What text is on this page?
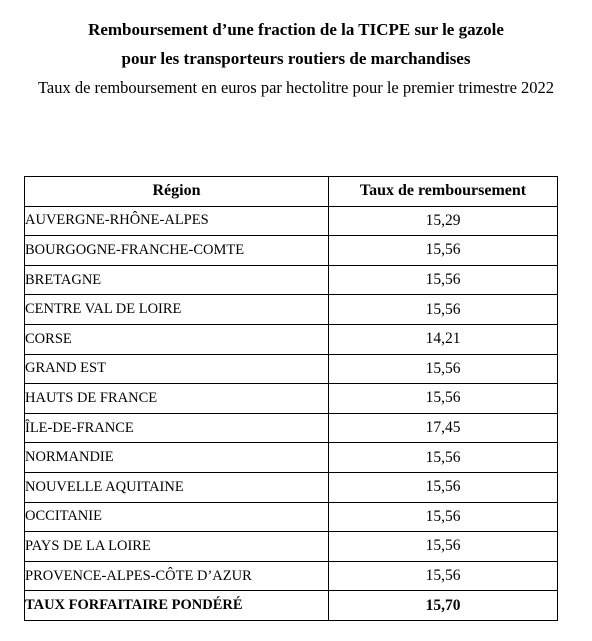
Remboursement d’une fraction de la TICPE sur le gazole
pour les transporteurs routiers de marchandises
Taux de remboursement en euros par hectolitre pour le premier trimestre 2022
Région	Taux de remboursement
AUVERGNE-RHÔNE-ALPES	15,29
BOURGOGNE-FRANCHE-COMTE	15,56
BRETAGNE	15,56
CENTRE VAL DE LOIRE	15,56
CORSE	14,21
GRAND EST	15,56
HAUTS DE FRANCE	15,56
ÎLE-DE-FRANCE	17,45
NORMANDIE	15,56
NOUVELLE AQUITAINE	15,56
OCCITANIE	15,56
PAYS DE LA LOIRE	15,56
PROVENCE-ALPES-CÔTE D’AZUR	15,56
TAUX FORFAITAIRE PONDÉRÉ	15,70
